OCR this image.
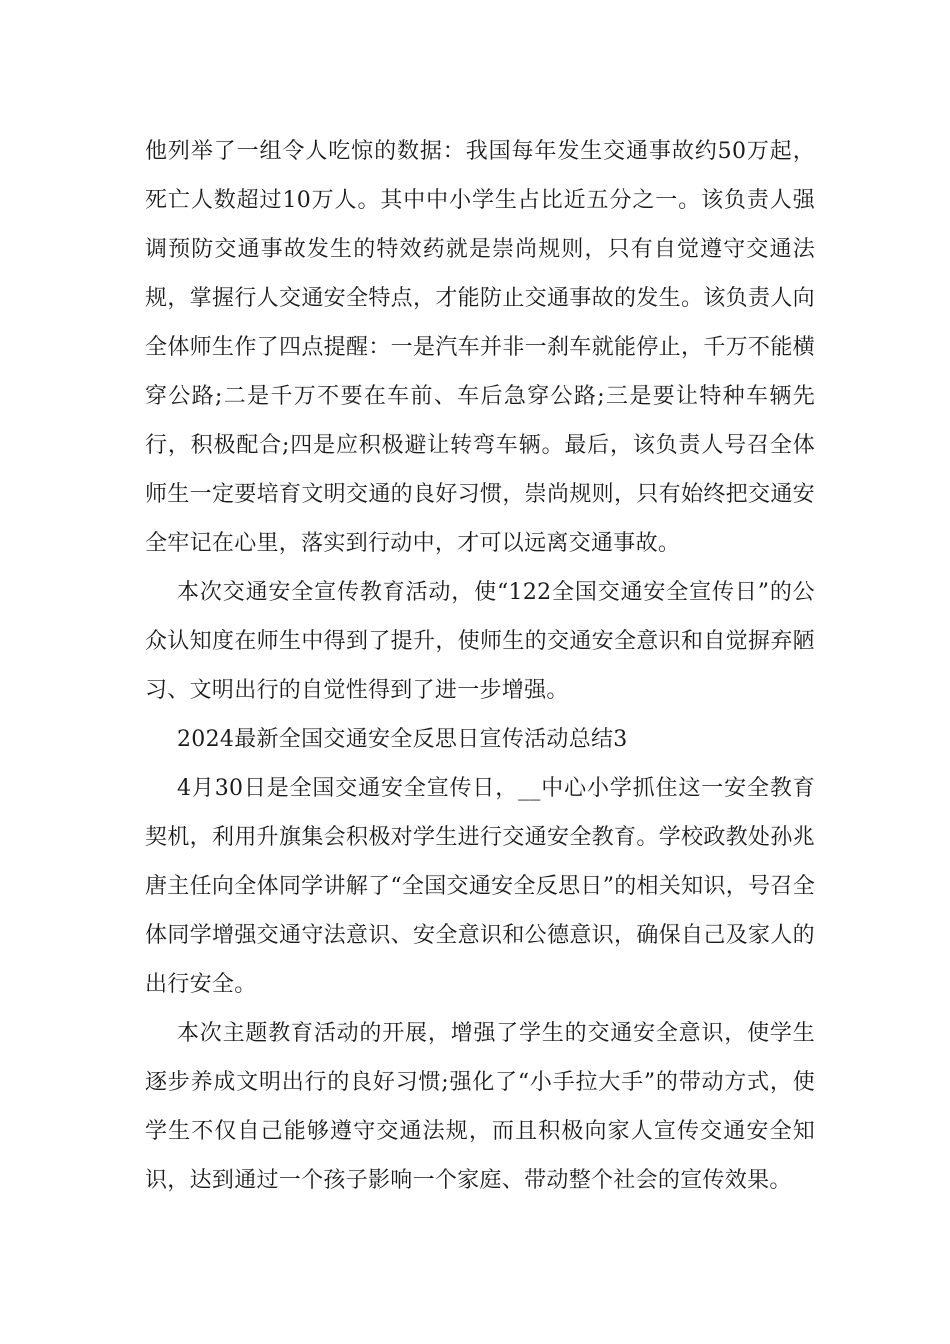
他列举了一组令人吃惊的数据：我国每年发生交通事故约50万起，死亡人数超过10万人。其中中小学生占比近五分之一。该负责人强调预防交通事故发生的特效药就是崇尚规则，只有自觉遵守交通法规，掌握行人交通安全特点，才能防止交通事故的发生。该负责人向全体师生作了四点提醒：一是汽车并非一刹车就能停止，千万不能横穿公路;二是千万不要在车前、车后急穿公路;三是要让特种车辆先行，积极配合;四是应积极避让转弯车辆。最后，该负责人号召全体师生一定要培育文明交通的良好习惯，崇尚规则，只有始终把交通安全牢记在心里，落实到行动中，才可以远离交通事故。

本次交通安全宣传教育活动，使“122全国交通安全宣传日”的公众认知度在师生中得到了提升，使师生的交通安全意识和自觉摒弃陋习、文明出行的自觉性得到了进一步增强。

2024最新全国交通安全反思日宣传活动总结3

4月30日是全国交通安全宣传日，__中心小学抓住这一安全教育契机，利用升旗集会积极对学生进行交通安全教育。学校政教处孙兆唐主任向全体同学讲解了“全国交通安全反思日”的相关知识，号召全体同学增强交通守法意识、安全意识和公德意识，确保自己及家人的出行安全。

本次主题教育活动的开展，增强了学生的交通安全意识，使学生逐步养成文明出行的良好习惯;强化了“小手拉大手”的带动方式，使学生不仅自己能够遵守交通法规，而且积极向家人宣传交通安全知识，达到通过一个孩子影响一个家庭、带动整个社会的宣传效果。
